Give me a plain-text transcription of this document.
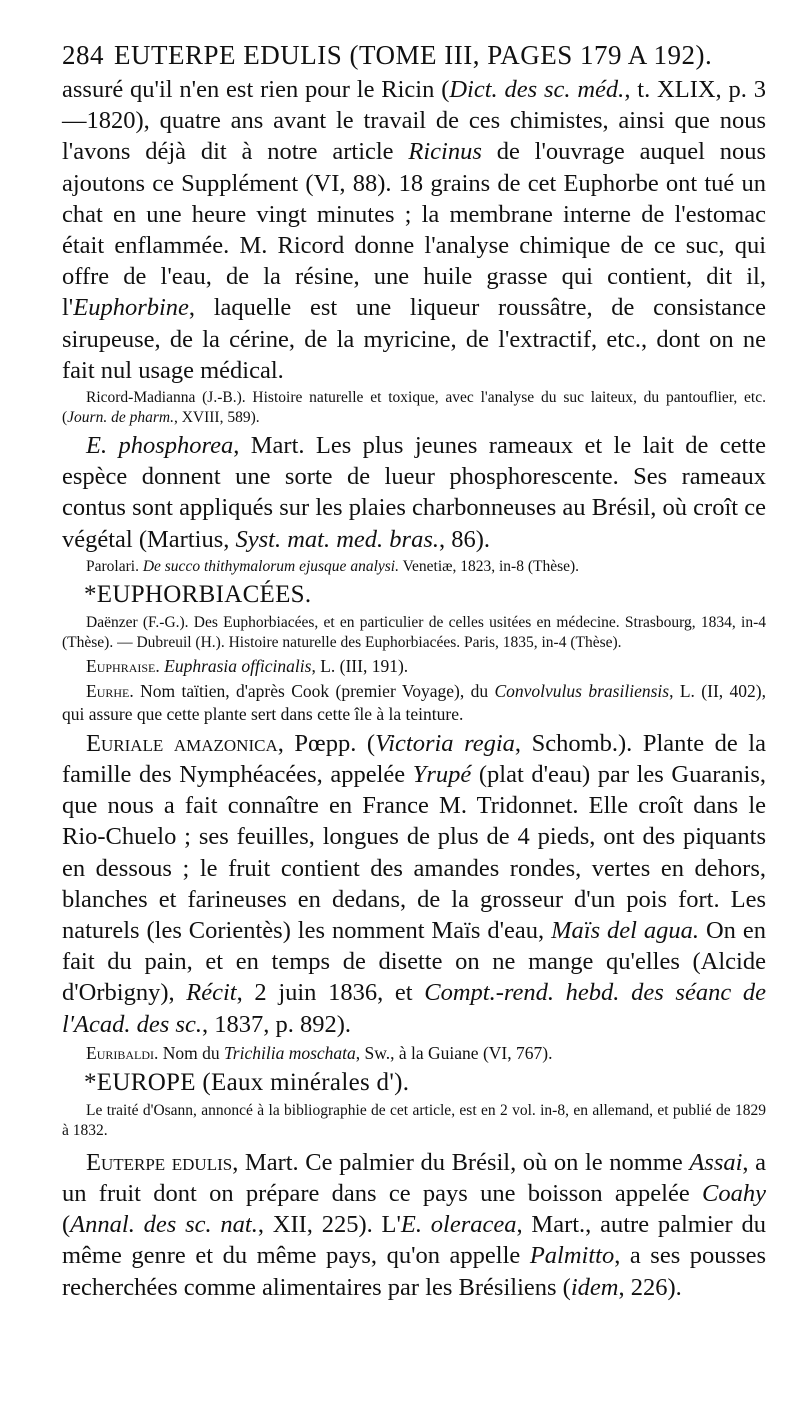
284 EUTERPE EDULIS (TOME III, PAGES 179 A 192).

assuré qu'il n'en est rien pour le Ricin (Dict. des sc. méd., t. XLIX, p. 3—1820), quatre ans avant le travail de ces chimistes, ainsi que nous l'avons déjà dit à notre article Ricinus de l'ouvrage auquel nous ajoutons ce Supplément (VI, 88). 18 grains de cet Euphorbe ont tué un chat en une heure vingt minutes ; la membrane interne de l'estomac était enflammée. M. Ricord donne l'analyse chimique de ce suc, qui offre de l'eau, de la résine, une huile grasse qui contient, dit il, l'Euphorbine, laquelle est une liqueur roussâtre, de consistance sirupeuse, de la cérine, de la myricine, de l'extractif, etc., dont on ne fait nul usage médical.

Ricord-Madianna (J.-B.). Histoire naturelle et toxique, avec l'analyse du suc laiteux, du pantouflier, etc. (Journ. de pharm., XVIII, 589).

E. phosphorea, Mart. Les plus jeunes rameaux et le lait de cette espèce donnent une sorte de lueur phosphorescente. Ses rameaux contus sont appliqués sur les plaies charbonneuses au Brésil, où croît ce végétal (Martius, Syst. mat. med. bras., 86).

Parolari. De succo thithymalorum ejusque analysi. Venetiæ, 1823, in-8 (Thèse).

*EUPHORBIACÉES.

Daënzer (F.-G.). Des Euphorbiacées, et en particulier de celles usitées en médecine. Strasbourg, 1834, in-4 (Thèse). — Dubreuil (H.). Histoire naturelle des Euphorbiacées. Paris, 1835, in-4 (Thèse).

Euphraise. Euphrasia officinalis, L. (III, 191).

Eurhe. Nom taïtien, d'après Cook (premier Voyage), du Convolvulus brasiliensis, L. (II, 402), qui assure que cette plante sert dans cette île à la teinture.

Euriale amazonica, Pœpp. (Victoria regia, Schomb.). Plante de la famille des Nymphéacées, appelée Yrupé (plat d'eau) par les Guaranis, que nous a fait connaître en France M. Tridonnet. Elle croît dans le Rio-Chuelo ; ses feuilles, longues de plus de 4 pieds, ont des piquants en dessous ; le fruit contient des amandes rondes, vertes en dehors, blanches et farineuses en dedans, de la grosseur d'un pois fort. Les naturels (les Corientès) les nomment Maïs d'eau, Maïs del agua. On en fait du pain, et en temps de disette on ne mange qu'elles (Alcide d'Orbigny), Récit, 2 juin 1836, et Compt.-rend. hebd. des séanc de l'Acad. des sc., 1837, p. 892).

Euribaldi. Nom du Trichilia moschata, Sw., à la Guiane (VI, 767).

*EUROPE (Eaux minérales d').

Le traité d'Osann, annoncé à la bibliographie de cet article, est en 2 vol. in-8, en allemand, et publié de 1829 à 1832.

Euterpe edulis, Mart. Ce palmier du Brésil, où on le nomme Assai, a un fruit dont on prépare dans ce pays une boisson appelée Coahy (Annal. des sc. nat., XII, 225). L'E. oleracea, Mart., autre palmier du même genre et du même pays, qu'on appelle Palmitto, a ses pousses recherchées comme alimentaires par les Brésiliens (idem, 226).
